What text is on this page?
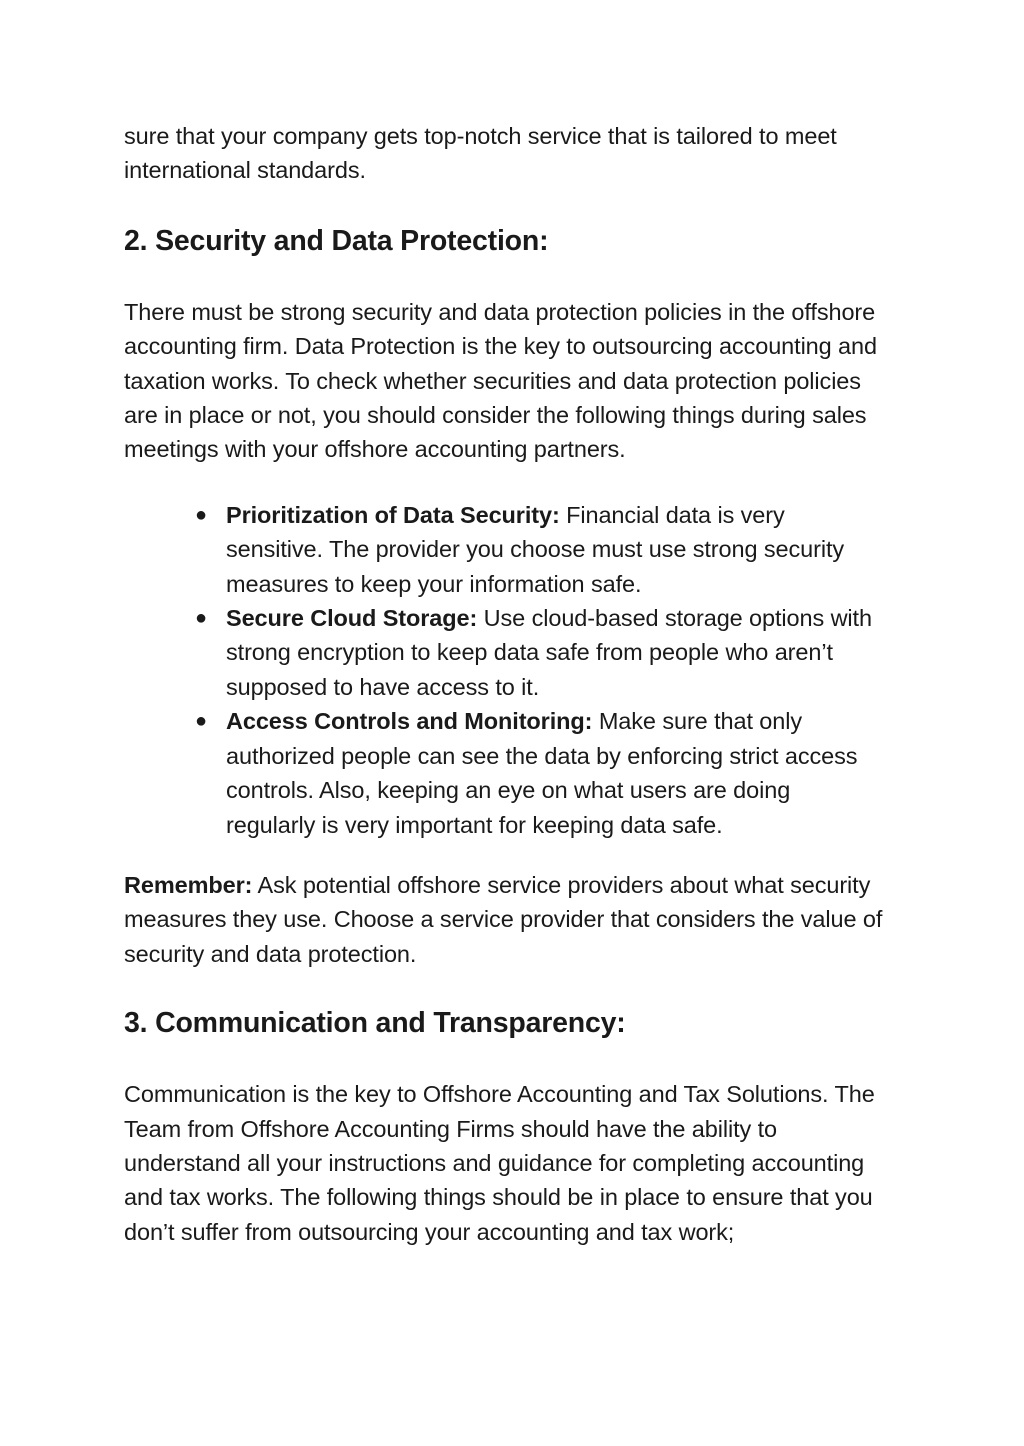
sure that your company gets top-notch service that is tailored to meet international standards.

2. Security and Data Protection:

There must be strong security and data protection policies in the offshore accounting firm. Data Protection is the key to outsourcing accounting and taxation works. To check whether securities and data protection policies are in place or not, you should consider the following things during sales meetings with your offshore accounting partners.

● Prioritization of Data Security: Financial data is very sensitive. The provider you choose must use strong security measures to keep your information safe.
● Secure Cloud Storage: Use cloud-based storage options with strong encryption to keep data safe from people who aren’t supposed to have access to it.
● Access Controls and Monitoring: Make sure that only authorized people can see the data by enforcing strict access controls. Also, keeping an eye on what users are doing regularly is very important for keeping data safe.

Remember: Ask potential offshore service providers about what security measures they use. Choose a service provider that considers the value of security and data protection.

3. Communication and Transparency:

Communication is the key to Offshore Accounting and Tax Solutions. The Team from Offshore Accounting Firms should have the ability to understand all your instructions and guidance for completing accounting and tax works. The following things should be in place to ensure that you don’t suffer from outsourcing your accounting and tax work;
